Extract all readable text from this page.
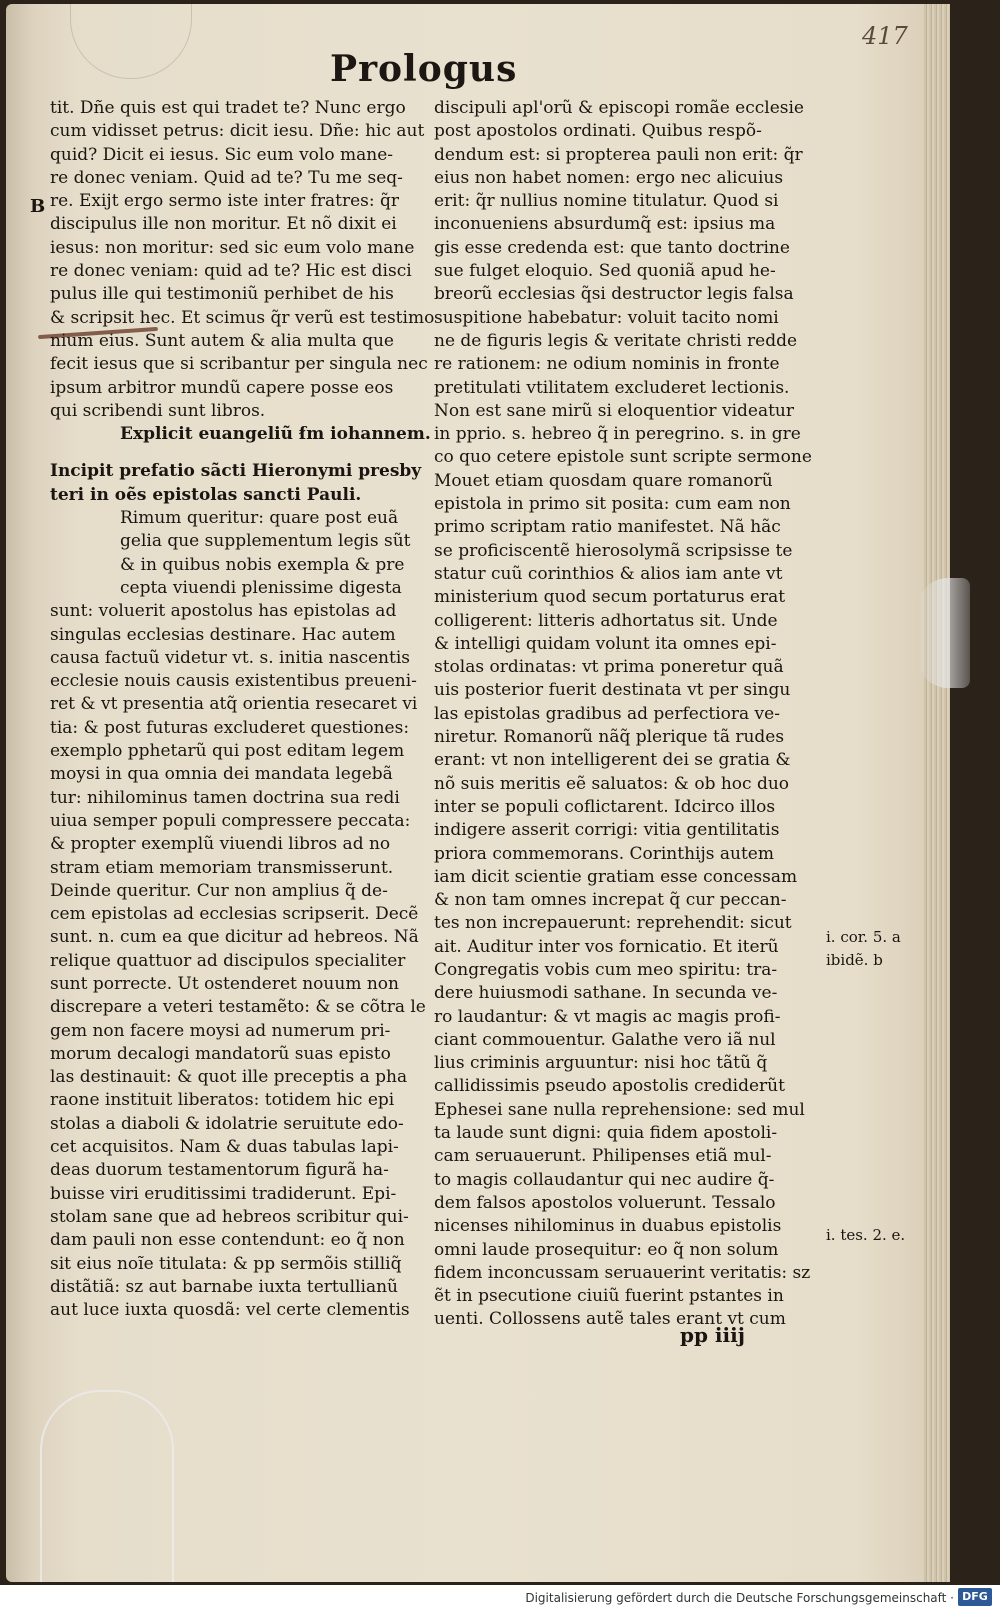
Prologus
417
B
tit. Dñe quis est qui tradet te? Nunc ergo
cum vidisset petrus: dicit iesu. Dñe: hic aut
quid? Dicit ei iesus. Sic eum volo mane-
re donec veniam. Quid ad te? Tu me seq-
re. Exijt ergo sermo iste inter fratres: q̃r
discipulus ille non moritur. Et nõ dixit ei
iesus: non moritur: sed sic eum volo mane
re donec veniam: quid ad te? Hic est disci
pulus ille qui testimoniũ perhibet de his
& scripsit hec. Et scimus q̃r verũ est testimo
nium eius. Sunt autem & alia multa que
fecit iesus que si scribantur per singula nec
ipsum arbitror mundũ capere posse eos
qui scribendi sunt libros.
Explicit euangeliũ ẜm iohannem.
Incipit prefatio sãcti Hieronymi presby
teri in oẽs epistolas sancti Pauli.
Rimum queritur: quare post euã
gelia que supplementum legis sũt
& in quibus nobis exempla & pre
cepta viuendi plenissime digesta
sunt: voluerit apostolus has epistolas ad
singulas ecclesias destinare. Hac autem
causa factuũ videtur vt. s. initia nascentis
ecclesie nouis causis existentibus preueni-
ret & vt presentia atq̃ orientia resecaret vi
tia: & post futuras excluderet questiones:
exemplo pphetarũ qui post editam legem
moysi in qua omnia dei mandata legebã
tur: nihilominus tamen doctrina sua redi
uiua semper populi compressere peccata:
& propter exemplũ viuendi libros ad no
stram etiam memoriam transmisserunt.
Deinde queritur. Cur non amplius q̃ de-
cem epistolas ad ecclesias scripserit. Decẽ
sunt. n. cum ea que dicitur ad hebreos. Nã
relique quattuor ad discipulos specialiter
sunt porrecte. Ut ostenderet nouum non
discrepare a veteri testamẽto: & se cõtra le
gem non facere moysi ad numerum pri-
morum decalogi mandatorũ suas episto
las destinauit: & quot ille preceptis a pha
raone instituit liberatos: totidem hic epi
stolas a diaboli & idolatrie seruitute edo-
cet acquisitos. Nam & duas tabulas lapi-
deas duorum testamentorum figurã ha-
buisse viri eruditissimi tradiderunt. Epi-
stolam sane que ad hebreos scribitur qui-
dam pauli non esse contendunt: eo q̃ non
sit eius noĩe titulata: & pp sermõis stilliq̃
distãtiã: sz aut barnabe iuxta tertullianũ
aut luce iuxta quosdã: vel certe clementis
discipuli apl'orũ & episcopi romãe ecclesie
post apostolos ordinati. Quibus respõ-
dendum est: si propterea pauli non erit: q̃r
eius non habet nomen: ergo nec alicuius
erit: q̃r nullius nomine titulatur. Quod si
inconueniens absurdumq̃ est: ipsius ma
gis esse credenda est: que tanto doctrine
sue fulget eloquio. Sed quoniã apud he-
breorũ ecclesias q̃si destructor legis falsa
suspitione habebatur: voluit tacito nomi
ne de figuris legis & veritate christi redde
re rationem: ne odium nominis in fronte
pretitulati vtilitatem excluderet lectionis.
Non est sane mirũ si eloquentior videatur
in pprio. s. hebreo q̃ in peregrino. s. in gre
co quo cetere epistole sunt scripte sermone
Mouet etiam quosdam quare romanorũ
epistola in primo sit posita: cum eam non
primo scriptam ratio manifestet. Nã hãc
se proficiscentẽ hierosolymã scripsisse te
statur cuũ corinthios & alios iam ante vt
ministerium quod secum portaturus erat
colligerent: litteris adhortatus sit. Unde
& intelligi quidam volunt ita omnes epi-
stolas ordinatas: vt prima poneretur quã
uis posterior fuerit destinata vt per singu
las epistolas gradibus ad perfectiora ve-
niretur. Romanorũ nãq̃ plerique tã rudes
erant: vt non intelligerent dei se gratia &
nõ suis meritis eẽ saluatos: & ob hoc duo
inter se populi coflictarent. Idcirco illos
indigere asserit corrigi: vitia gentilitatis
priora commemorans. Corinthijs autem
iam dicit scientie gratiam esse concessam
& non tam omnes increpat q̃ cur peccan-
tes non increpauerunt: reprehendit: sicut
ait. Auditur inter vos fornicatio. Et iterũ
Congregatis vobis cum meo spiritu: tra-
dere huiusmodi sathane. In secunda ve-
ro laudantur: & vt magis ac magis profi-
ciant commouentur. Galathe vero iã nul
lius criminis arguuntur: nisi hoc tãtũ q̃
callidissimis pseudo apostolis crediderũt
Ephesei sane nulla reprehensione: sed mul
ta laude sunt digni: quia fidem apostoli-
cam seruauerunt. Philipenses etiã mul-
to magis collaudantur qui nec audire q̃-
dem falsos apostolos voluerunt. Tessalo
nicenses nihilominus in duabus epistolis
omni laude prosequitur: eo q̃ non solum
fidem inconcussam seruauerint veritatis: sz
ẽt in psecutione ciuiũ fuerint pstantes in
uenti. Collossens autẽ tales erant vt cum
i. cor. 5. a
ibidẽ. b
i. tes. 2. e.
pp iiij
Digitalisierung gefördert durch die Deutsche Forschungsgemeinschaft · DFG
